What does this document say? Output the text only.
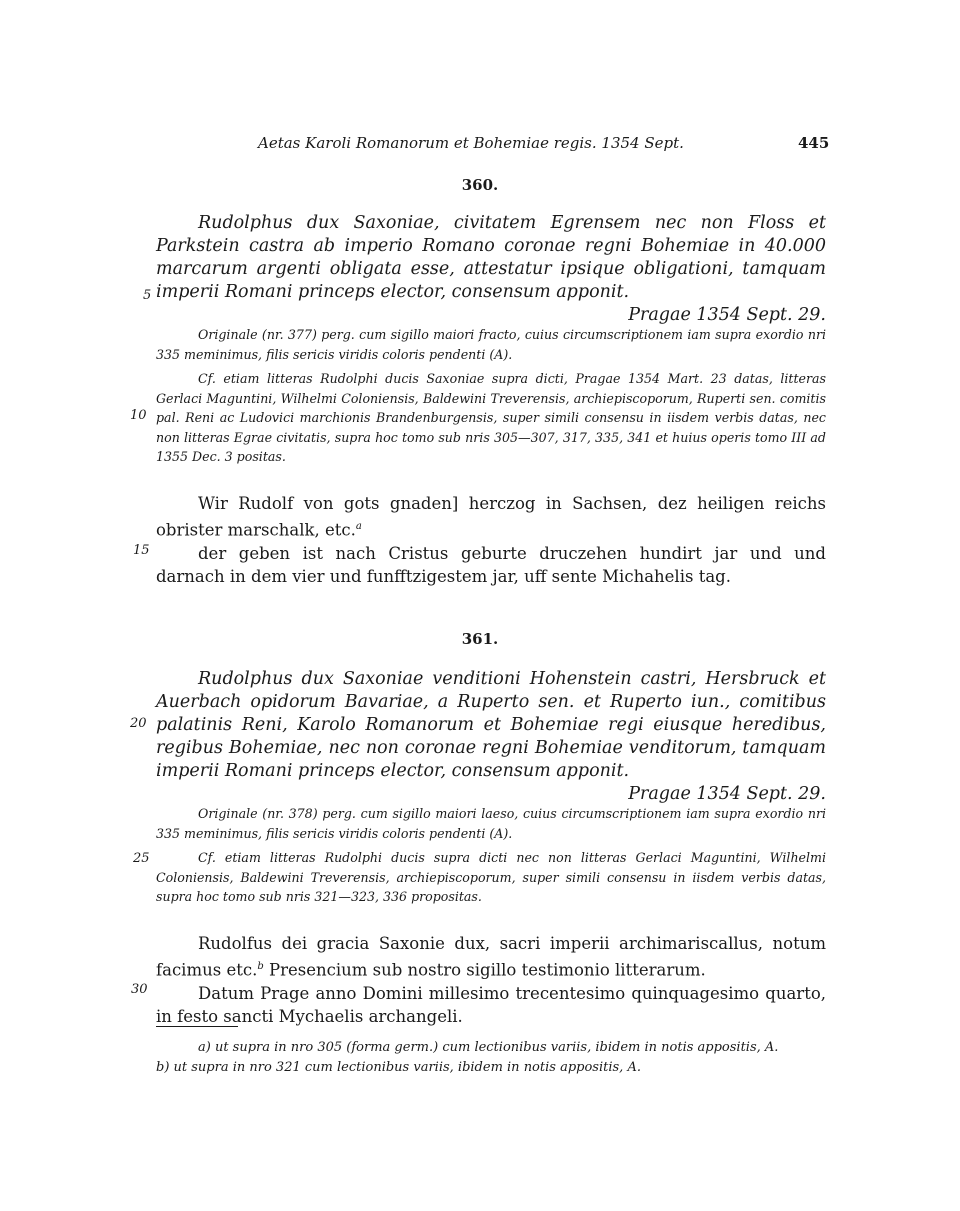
Aetas Karoli Romanorum et Bohemiae regis. 1354 Sept.	445
360.
Rudolphus dux Saxoniae, civitatem Egrensem nec non Floss et Parkstein castra ab imperio Romano coronae regni Bohemiae in 40.000 marcarum argenti obligata esse, attestatur ipsique obligationi, tamquam imperii Romani princeps elector, consensum apponit.
Pragae 1354 Sept. 29.

Originale (nr. 377) perg. cum sigillo maiori fracto, cuius circumscriptionem iam supra exordio nri 335 meminimus, filis sericis viridis coloris pendenti (A).

Cf. etiam litteras Rudolphi ducis Saxoniae supra dicti, Pragae 1354 Mart. 23 datas, litteras Gerlaci Maguntini, Wilhelmi Coloniensis, Baldewini Treverensis, archiepiscoporum, Ruperti sen. comitis pal. Reni ac Ludovici marchionis Brandenburgensis, super simili consensu in iisdem verbis datas, nec non litteras Egrae civitatis, supra hoc tomo sub nris 305—307, 317, 335, 341 et huius operis tomo III ad 1355 Dec. 3 positas.

Wir Rudolf von gots gnaden] herczog in Sachsen, dez heiligen reichs obrister marschalk, etc.$^a$

der geben ist nach Cristus geburte druczehen hundirt jar und und darnach in dem vier und funfftzigestem jar, uff sente Michahelis tag.

361.
Rudolphus dux Saxoniae venditioni Hohenstein castri, Hersbruck et Auerbach opidorum Bavariae, a Ruperto sen. et Ruperto iun., comitibus palatinis Reni, Karolo Romanorum et Bohemiae regi eiusque heredibus, regibus Bohemiae, nec non coronae regni Bohemiae venditorum, tamquam imperii Romani princeps elector, consensum apponit.
Pragae 1354 Sept. 29.

Originale (nr. 378) perg. cum sigillo maiori laeso, cuius circumscriptionem iam supra exordio nri 335 meminimus, filis sericis viridis coloris pendenti (A).

Cf. etiam litteras Rudolphi ducis supra dicti nec non litteras Gerlaci Maguntini, Wilhelmi Coloniensis, Baldewini Treverensis, archiepiscoporum, super simili consensu in iisdem verbis datas, supra hoc tomo sub nris 321—323, 336 propositas.

Rudolfus dei gracia Saxonie dux, sacri imperii archimariscallus, notum facimus etc.$^b$ Presencium sub nostro sigillo testimonio litterarum.

Datum Prage anno Domini millesimo trecentesimo quinquagesimo quarto, in festo sancti Mychaelis archangeli.

5
10
15
20
25
30

a) ut supra in nro 305 (forma germ.) cum lectionibus variis, ibidem in notis appositis, A.

b) ut supra in nro 321 cum lectionibus variis, ibidem in notis appositis, A.
